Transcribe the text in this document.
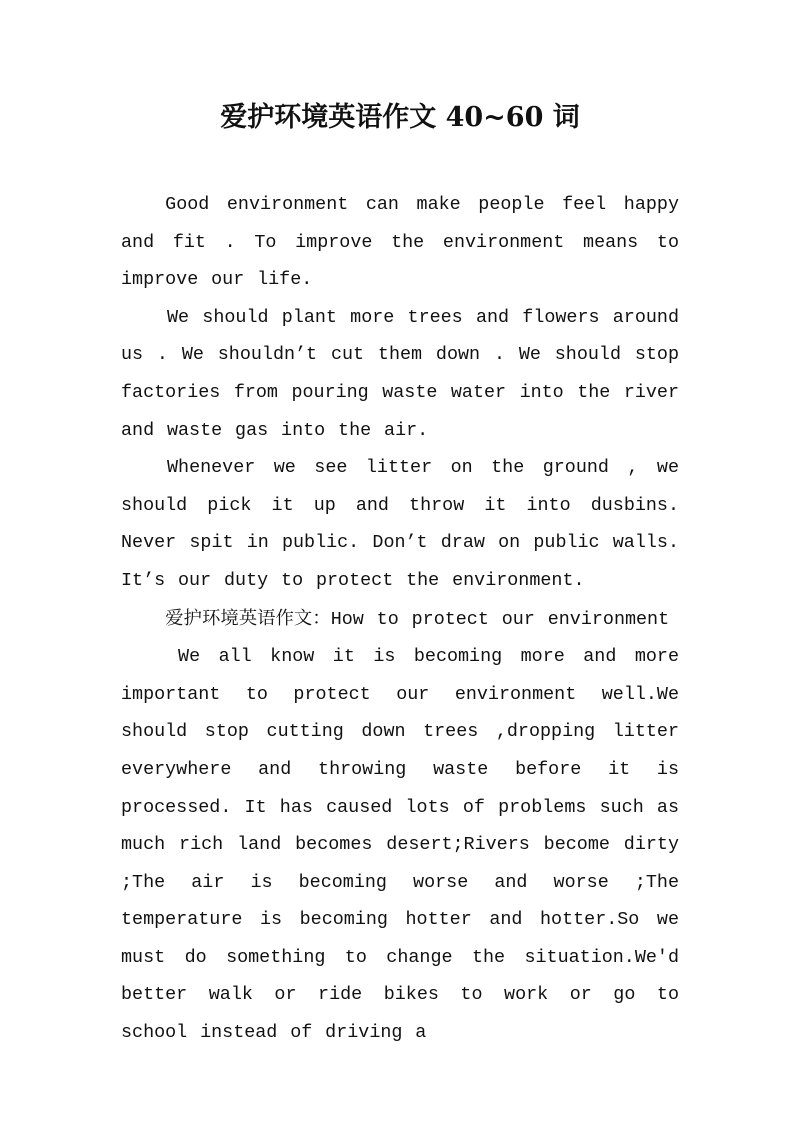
爱护环境英语作文 40~60 词

Good environment can make people feel happy and fit . To improve the environment means to improve our life.

We should plant more trees and flowers around us . We shouldn’t cut them down . We should stop factories from pouring waste water into the river and waste gas into the air.

Whenever we see litter on the ground , we should pick it up and throw it into dusbins. Never spit in public. Don’t draw on public walls. It’s our duty to protect the environment.

爱护环境英语作文：How to protect our environment

We all know it is becoming more and more important to protect our environment well.We should stop cutting down trees ,dropping litter everywhere and throwing waste before it is processed. It has caused lots of problems such as much rich land becomes desert;Rivers become dirty ;The air is becoming worse and worse ;The temperature is becoming hotter and hotter.So we must do something to change the situation.We'd better walk or ride bikes to work or go to school instead of driving a
